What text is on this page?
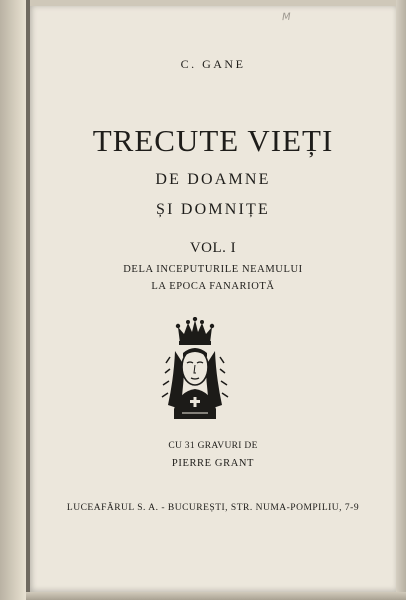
M
C. GANE
TRECUTE VIEȚI
DE DOAMNE
ȘI DOMNIȚE
VOL. I
DELA INCEPUTURILE NEAMULUI
LA EPOCA FANARIOTĂ
CU 31 GRAVURI DE
PIERRE GRANT
LUCEAFĂRUL S. A. - BUCUREȘTI, STR. NUMA-POMPILIU, 7-9
